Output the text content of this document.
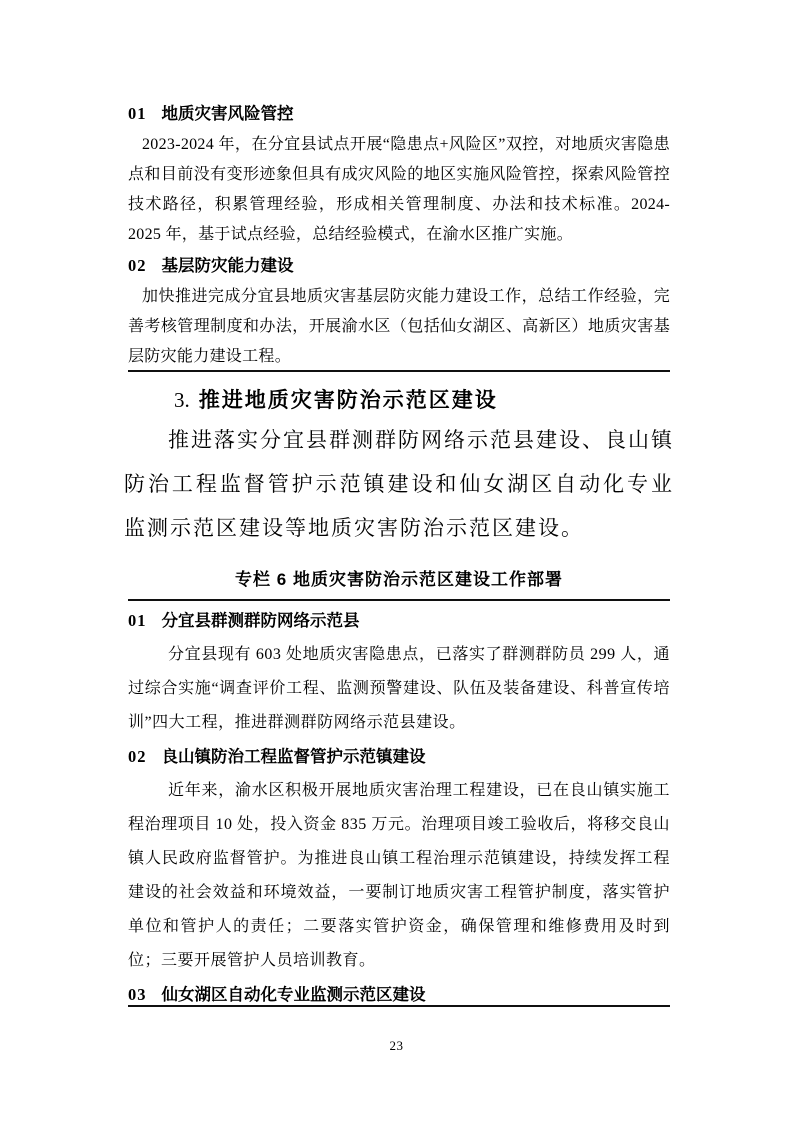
01 地质灾害风险管控

2023-2024 年，在分宜县试点开展“隐患点+风险区”双控，对地质灾害隐患点和目前没有变形迹象但具有成灾风险的地区实施风险管控，探索风险管控技术路径，积累管理经验，形成相关管理制度、办法和技术标准。2024-2025 年，基于试点经验，总结经验模式，在渝水区推广实施。

02 基层防灾能力建设

加快推进完成分宜县地质灾害基层防灾能力建设工作，总结工作经验，完善考核管理制度和办法，开展渝水区（包括仙女湖区、高新区）地质灾害基层防灾能力建设工程。

3. 推进地质灾害防治示范区建设

推进落实分宜县群测群防网络示范县建设、良山镇防治工程监督管护示范镇建设和仙女湖区自动化专业监测示范区建设等地质灾害防治示范区建设。

专栏 6 地质灾害防治示范区建设工作部署
01 分宜县群测群防网络示范县

分宜县现有 603 处地质灾害隐患点，已落实了群测群防员 299 人，通过综合实施“调查评价工程、监测预警建设、队伍及装备建设、科普宣传培训”四大工程，推进群测群防网络示范县建设。

02 良山镇防治工程监督管护示范镇建设

近年来，渝水区积极开展地质灾害治理工程建设，已在良山镇实施工程治理项目 10 处，投入资金 835 万元。治理项目竣工验收后，将移交良山镇人民政府监督管护。为推进良山镇工程治理示范镇建设，持续发挥工程建设的社会效益和环境效益，一要制订地质灾害工程管护制度，落实管护单位和管护人的责任；二要落实管护资金，确保管理和维修费用及时到位；三要开展管护人员培训教育。

03 仙女湖区自动化专业监测示范区建设
23
